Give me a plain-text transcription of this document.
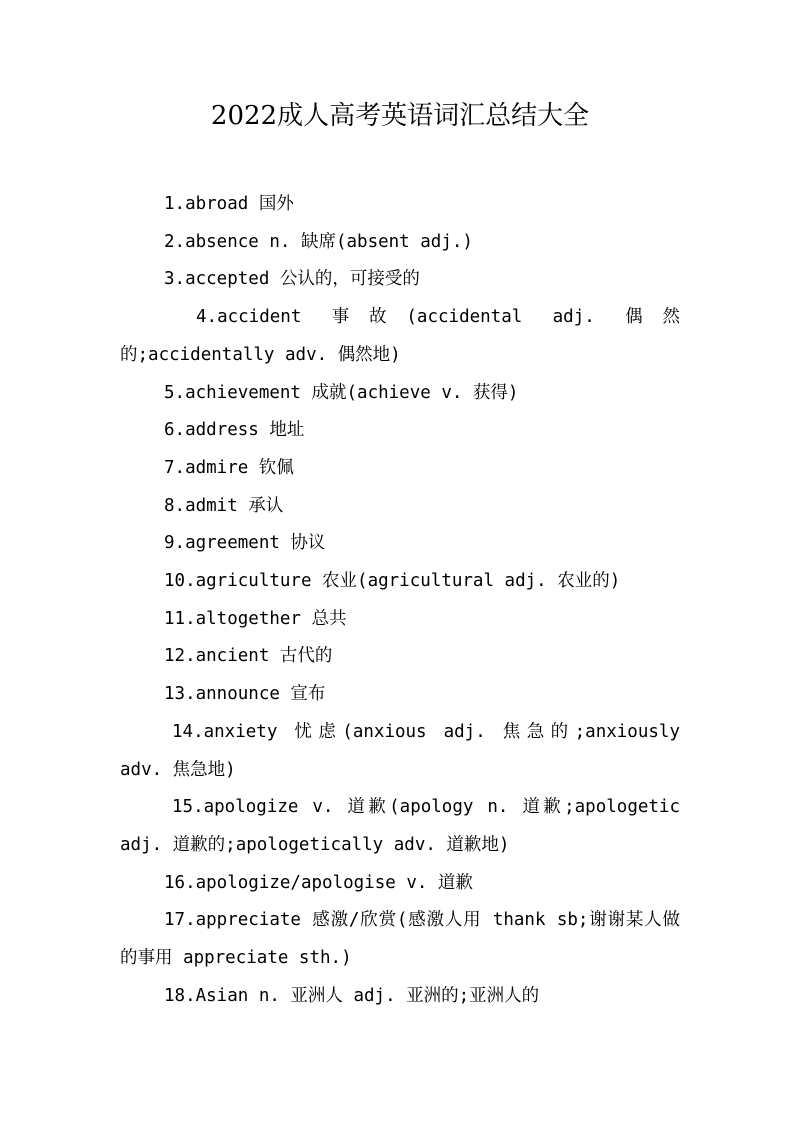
2022成人高考英语词汇总结大全

1.abroad 国外

2.absence n. 缺席(absent adj.)

3.accepted 公认的，可接受的

4.accident 事故(accidental adj. 偶然的;accidentally adv. 偶然地)

5.achievement 成就(achieve v. 获得)

6.address 地址

7.admire 钦佩

8.admit 承认

9.agreement 协议

10.agriculture 农业(agricultural adj. 农业的)

11.altogether 总共

12.ancient 古代的

13.announce 宣布

14.anxiety 忧虑(anxious adj. 焦急的;anxiously adv. 焦急地)

15.apologize v. 道歉(apology n. 道歉;apologetic adj. 道歉的;apologetically adv. 道歉地)

16.apologize/apologise v. 道歉

17.appreciate 感激/欣赏(感激人用 thank sb;谢谢某人做的事用 appreciate sth.)

18.Asian n. 亚洲人 adj. 亚洲的;亚洲人的
